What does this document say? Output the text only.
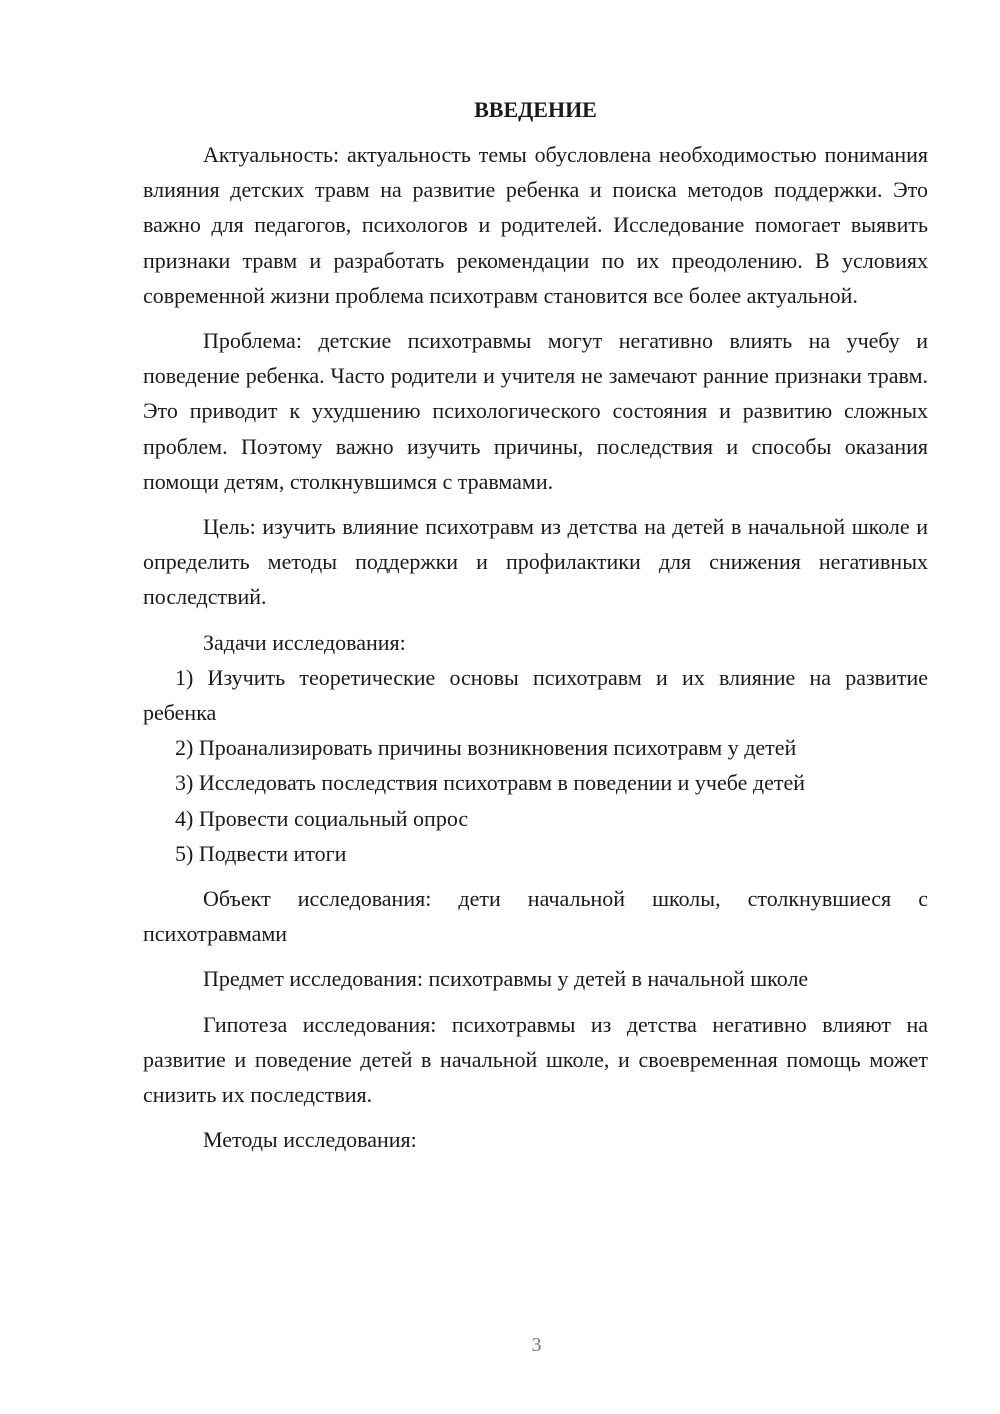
ВВЕДЕНИЕ

Актуальность: актуальность темы обусловлена необходимостью понимания влияния детских травм на развитие ребенка и поиска методов поддержки. Это важно для педагогов, психологов и родителей. Исследование помогает выявить признаки травм и разработать рекомендации по их преодолению. В условиях современной жизни проблема психотравм становится все более актуальной.

Проблема: детские психотравмы могут негативно влиять на учебу и поведение ребенка. Часто родители и учителя не замечают ранние признаки травм. Это приводит к ухудшению психологического состояния и развитию сложных проблем. Поэтому важно изучить причины, последствия и способы оказания помощи детям, столкнувшимся с травмами.

Цель: изучить влияние психотравм из детства на детей в начальной школе и определить методы поддержки и профилактики для снижения негативных последствий.

Задачи исследования:

1) Изучить теоретические основы психотравм и их влияние на развитие ребенка

2) Проанализировать причины возникновения психотравм у детей

3) Исследовать последствия психотравм в поведении и учебе детей

4) Провести социальный опрос

5) Подвести итоги

Объект исследования: дети начальной школы, столкнувшиеся с психотравмами

Предмет исследования: психотравмы у детей в начальной школе

Гипотеза исследования: психотравмы из детства негативно влияют на развитие и поведение детей в начальной школе, и своевременная помощь может снизить их последствия.

Методы исследования:

3
